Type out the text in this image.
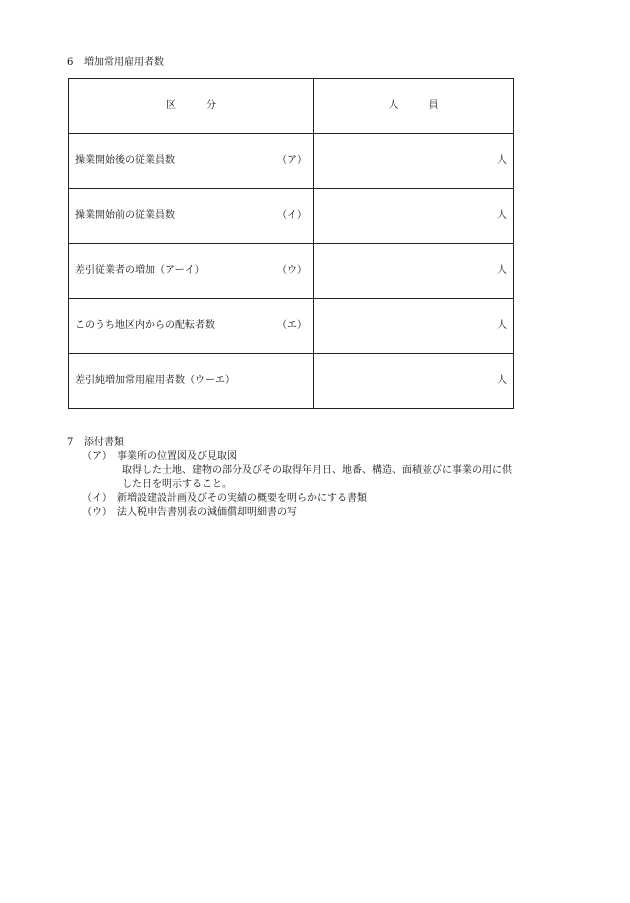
6 増加常用雇用者数
区　　　分	人　　　員
操業開始後の従業員数 （ア）	人
操業開始前の従業員数 （イ）	人
差引従業者の増加（アーイ） （ウ）	人
このうち地区内からの配転者数 （エ）	人
差引純増加常用雇用者数（ウーエ）	人
7 添付書類
（ア） 事業所の位置図及び見取図
取得した土地、建物の部分及びその取得年月日、地番、構造、面積並びに事業の用に供
した日を明示すること。
（イ） 新増設建設計画及びその実績の概要を明らかにする書類
（ウ） 法人税申告書別表の減価償却明細書の写
